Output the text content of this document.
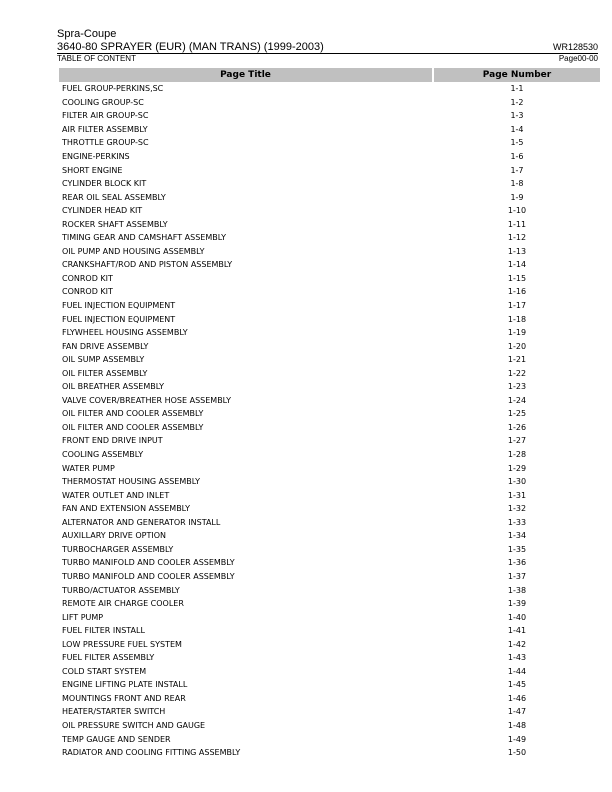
Spra-Coupe
3640-80 SPRAYER (EUR) (MAN TRANS) (1999-2003)	WR128530
TABLE OF CONTENT	Page00-00
Page Title	Page Number
FUEL GROUP-PERKINS,SC	1-1
COOLING GROUP-SC	1-2
FILTER AIR GROUP-SC	1-3
AIR FILTER ASSEMBLY	1-4
THROTTLE GROUP-SC	1-5
ENGINE-PERKINS	1-6
SHORT ENGINE	1-7
CYLINDER BLOCK KIT	1-8
REAR OIL SEAL ASSEMBLY	1-9
CYLINDER HEAD KIT	1-10
ROCKER SHAFT ASSEMBLY	1-11
TIMING GEAR AND CAMSHAFT ASSEMBLY	1-12
OIL PUMP AND HOUSING ASSEMBLY	1-13
CRANKSHAFT/ROD AND PISTON ASSEMBLY	1-14
CONROD KIT	1-15
CONROD KIT	1-16
FUEL INJECTION EQUIPMENT	1-17
FUEL INJECTION EQUIPMENT	1-18
FLYWHEEL HOUSING ASSEMBLY	1-19
FAN DRIVE ASSEMBLY	1-20
OIL SUMP ASSEMBLY	1-21
OIL FILTER ASSEMBLY	1-22
OIL BREATHER ASSEMBLY	1-23
VALVE COVER/BREATHER HOSE ASSEMBLY	1-24
OIL FILTER AND COOLER ASSEMBLY	1-25
OIL FILTER AND COOLER ASSEMBLY	1-26
FRONT END DRIVE INPUT	1-27
COOLING ASSEMBLY	1-28
WATER PUMP	1-29
THERMOSTAT HOUSING ASSEMBLY	1-30
WATER OUTLET AND INLET	1-31
FAN AND EXTENSION ASSEMBLY	1-32
ALTERNATOR AND GENERATOR INSTALL	1-33
AUXILLARY DRIVE OPTION	1-34
TURBOCHARGER ASSEMBLY	1-35
TURBO MANIFOLD AND COOLER ASSEMBLY	1-36
TURBO MANIFOLD AND COOLER ASSEMBLY	1-37
TURBO/ACTUATOR ASSEMBLY	1-38
REMOTE AIR CHARGE COOLER	1-39
LIFT PUMP	1-40
FUEL FILTER INSTALL	1-41
LOW PRESSURE FUEL SYSTEM	1-42
FUEL FILTER ASSEMBLY	1-43
COLD START SYSTEM	1-44
ENGINE LIFTING PLATE INSTALL	1-45
MOUNTINGS FRONT AND REAR	1-46
HEATER/STARTER SWITCH	1-47
OIL PRESSURE SWITCH AND GAUGE	1-48
TEMP GAUGE AND SENDER	1-49
RADIATOR AND COOLING FITTING ASSEMBLY	1-50
